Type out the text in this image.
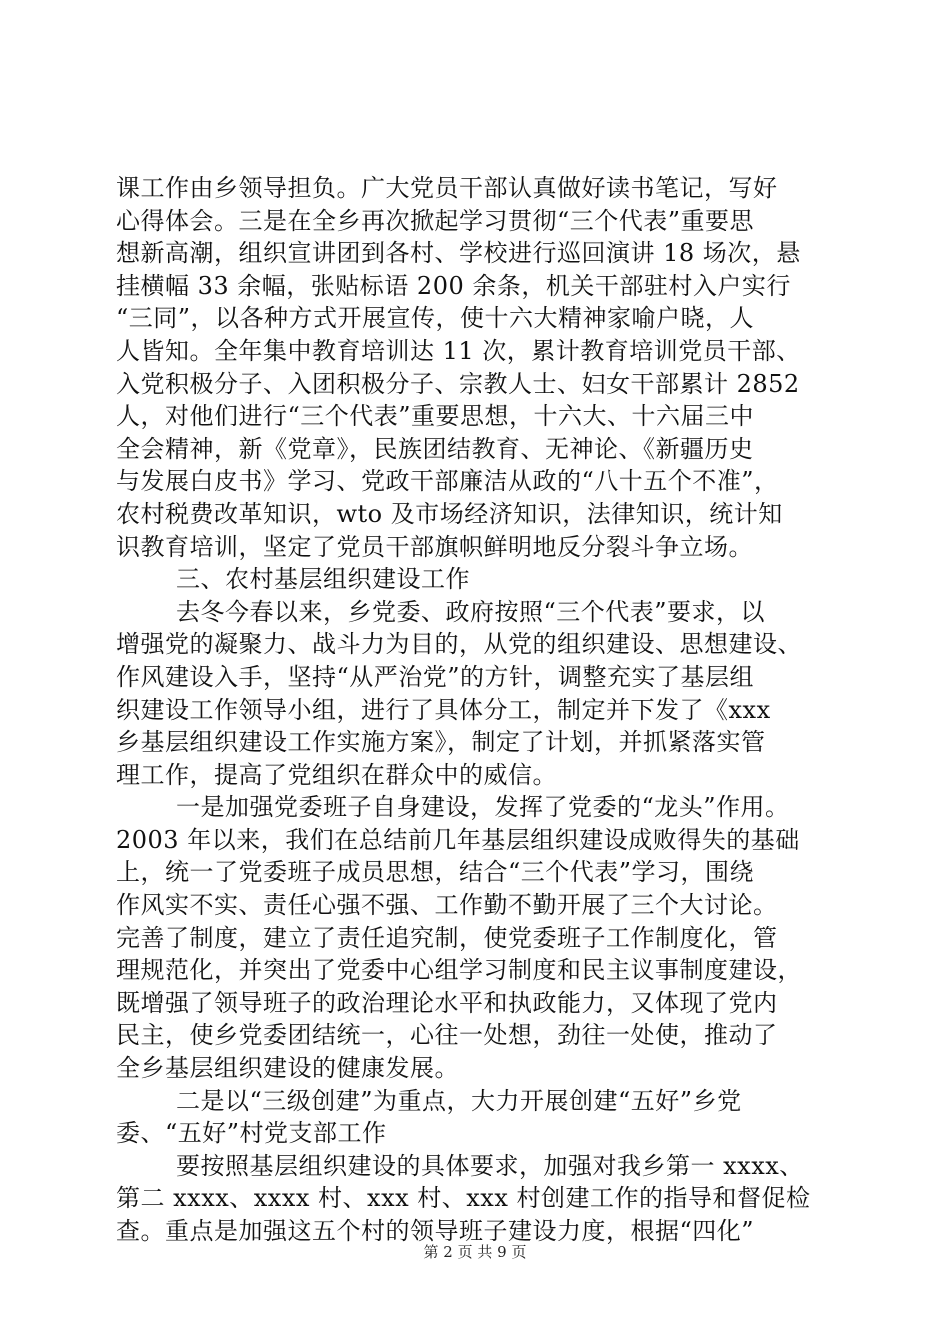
课工作由乡领导担负。广大党员干部认真做好读书笔记，写好
心得体会。三是在全乡再次掀起学习贯彻“三个代表”重要思
想新高潮，组织宣讲团到各村、学校进行巡回演讲 18 场次，悬
挂横幅 33 余幅，张贴标语 200 余条，机关干部驻村入户实行
“三同”，以各种方式开展宣传，使十六大精神家喻户晓，人
人皆知。全年集中教育培训达 11 次，累计教育培训党员干部、
入党积极分子、入团积极分子、宗教人士、妇女干部累计 2852
人，对他们进行“三个代表”重要思想，十六大、十六届三中
全会精神，新《党章》，民族团结教育、无神论、《新疆历史
与发展白皮书》学习、党政干部廉洁从政的“八十五个不准”，
农村税费改革知识，wto 及市场经济知识，法律知识，统计知
识教育培训，坚定了党员干部旗帜鲜明地反分裂斗争立场。
三、农村基层组织建设工作
去冬今春以来，乡党委、政府按照“三个代表”要求，以
增强党的凝聚力、战斗力为目的，从党的组织建设、思想建设、
作风建设入手，坚持“从严治党”的方针，调整充实了基层组
织建设工作领导小组，进行了具体分工，制定并下发了《xxx
乡基层组织建设工作实施方案》，制定了计划，并抓紧落实管
理工作，提高了党组织在群众中的威信。
一是加强党委班子自身建设，发挥了党委的“龙头”作用。
2003 年以来，我们在总结前几年基层组织建设成败得失的基础
上，统一了党委班子成员思想，结合“三个代表”学习，围绕
作风实不实、责任心强不强、工作勤不勤开展了三个大讨论。
完善了制度，建立了责任追究制，使党委班子工作制度化，管
理规范化，并突出了党委中心组学习制度和民主议事制度建设，
既增强了领导班子的政治理论水平和执政能力，又体现了党内
民主，使乡党委团结统一，心往一处想，劲往一处使，推动了
全乡基层组织建设的健康发展。
二是以“三级创建”为重点，大力开展创建“五好”乡党
委、“五好”村党支部工作
要按照基层组织建设的具体要求，加强对我乡第一 xxxx、
第二 xxxx、xxxx 村、xxx 村、xxx 村创建工作的指导和督促检
查。重点是加强这五个村的领导班子建设力度，根据“四化”
第 2 页 共 9 页
